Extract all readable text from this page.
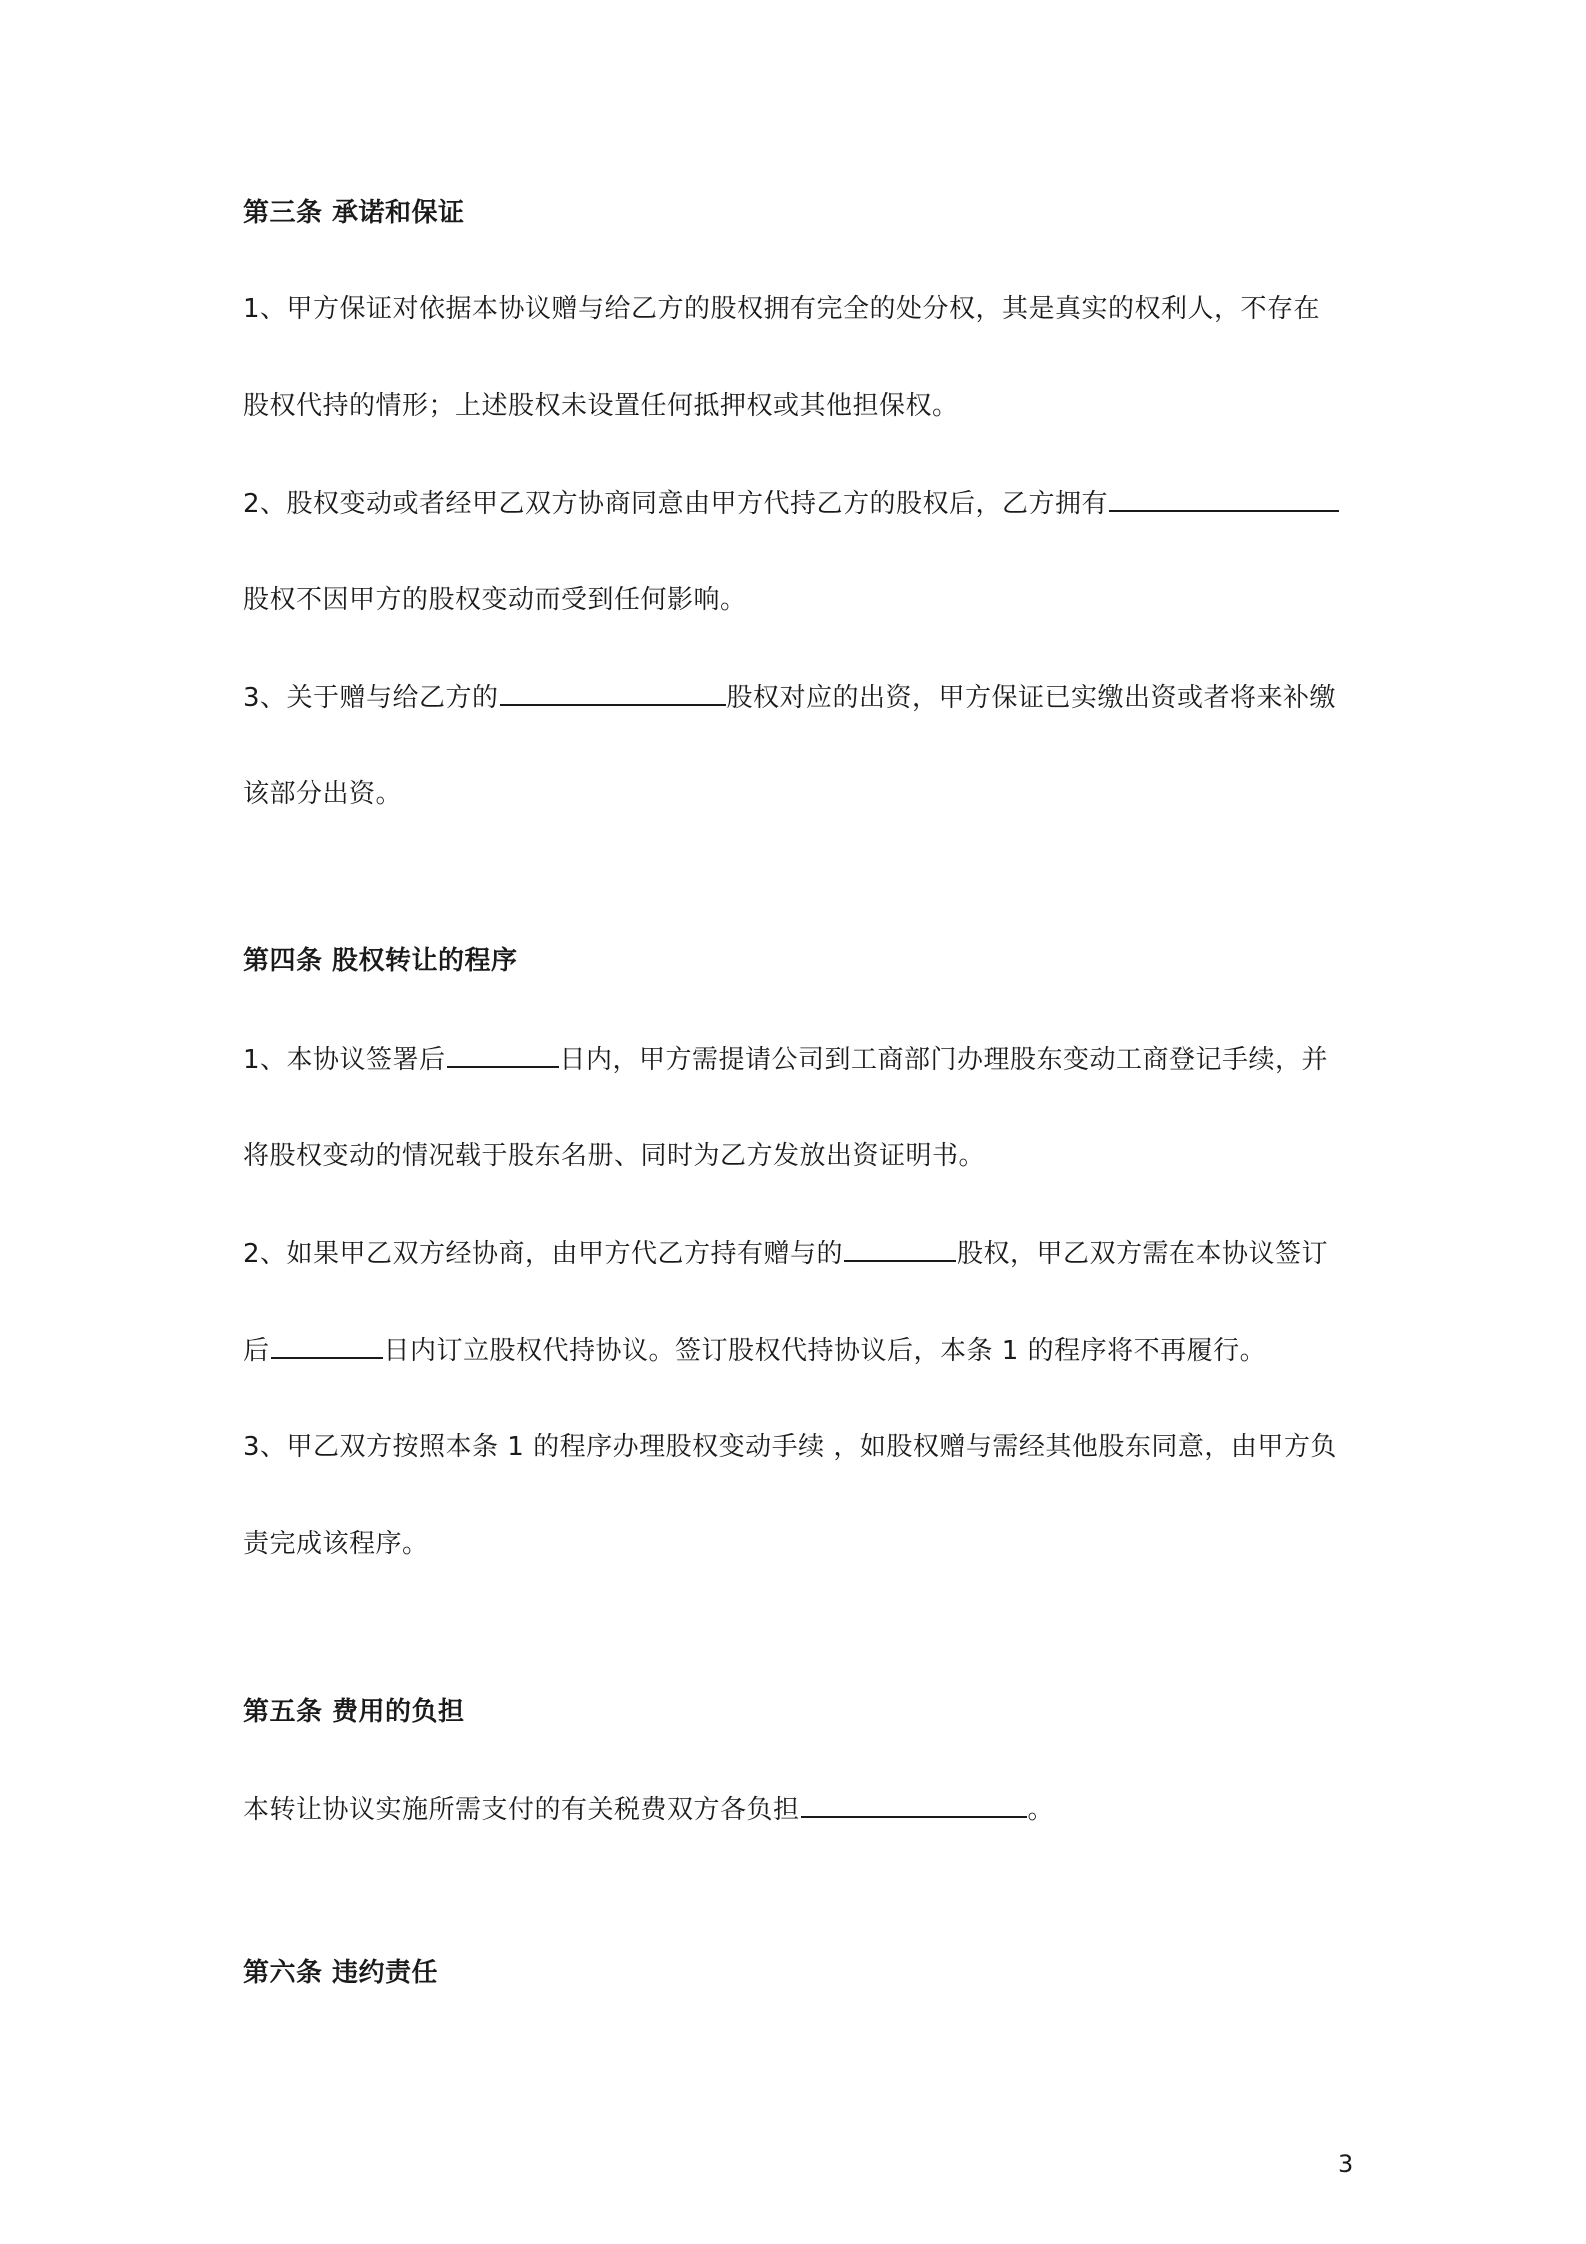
第三条 承诺和保证
1、甲方保证对依据本协议赠与给乙方的股权拥有完全的处分权，其是真实的权利人，不存在
股权代持的情形；上述股权未设置任何抵押权或其他担保权。
2、股权变动或者经甲乙双方协商同意由甲方代持乙方的股权后，乙方拥有
股权不因甲方的股权变动而受到任何影响。
3、关于赠与给乙方的	股权对应的出资，甲方保证已实缴出资或者将来补缴
该部分出资。
第四条 股权转让的程序
1、本协议签署后	日内，甲方需提请公司到工商部门办理股东变动工商登记手续，并
将股权变动的情况载于股东名册、同时为乙方发放出资证明书。
2、如果甲乙双方经协商，由甲方代乙方持有赠与的	股权，甲乙双方需在本协议签订
后	日内订立股权代持协议。签订股权代持协议后，本条 1 的程序将不再履行。
3、甲乙双方按照本条 1 的程序办理股权变动手续 ，如股权赠与需经其他股东同意，由甲方负
责完成该程序。
第五条 费用的负担
本转让协议实施所需支付的有关税费双方各负担	。
第六条 违约责任
3
